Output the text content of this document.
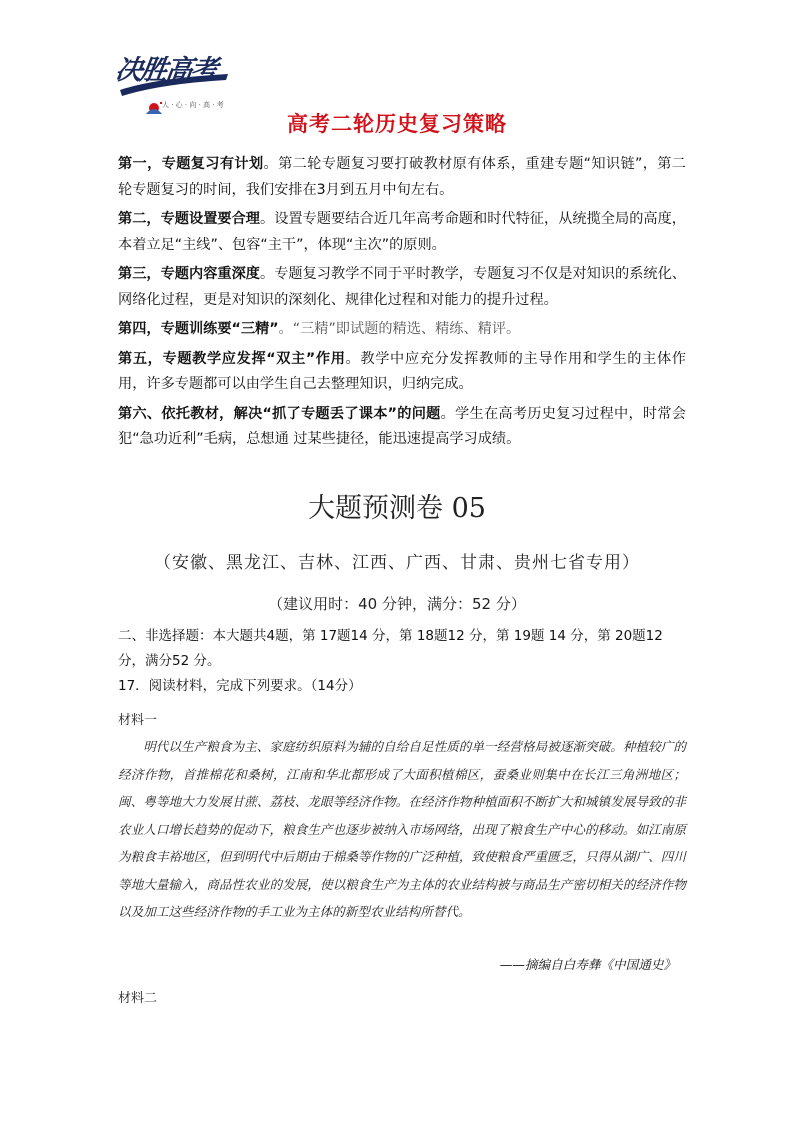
决胜高考
人 · 心 · 向 · 高 · 考
高考二轮历史复习策略

第一，专题复习有计划。第二轮专题复习要打破教材原有体系，重建专题“知识链”，第二轮专题复习的时间，我们安排在3月到五月中旬左右。

第二，专题设置要合理。设置专题要结合近几年高考命题和时代特征，从统揽全局的高度，本着立足“主线”、包容“主干”，体现“主次”的原则。

第三，专题内容重深度。专题复习教学不同于平时教学，专题复习不仅是对知识的系统化、网络化过程，更是对知识的深刻化、规律化过程和对能力的提升过程。

第四，专题训练要“三精”。“三精”即试题的精选、精练、精评。

第五，专题教学应发挥“双主”作用。教学中应充分发挥教师的主导作用和学生的主体作用，许多专题都可以由学生自己去整理知识，归纳完成。

第六、依托教材，解决“抓了专题丢了课本”的问题。学生在高考历史复习过程中，时常会犯“急功近利”毛病，总想通 过某些捷径，能迅速提高学习成绩。

大题预测卷 05
（安徽、黑龙江、吉林、江西、广西、甘肃、贵州七省专用）
（建议用时：40 分钟，满分：52 分）

二、非选择题：本大题共4题，第 17题14 分，第 18题12 分，第 19题 14 分，第 20题12 分，满分52 分。

17．阅读材料，完成下列要求。（14分）

材料一

明代以生产粮食为主、家庭纺织原料为辅的自给自足性质的单一经营格局被逐渐突破。种植较广的经济作物，首推棉花和桑树，江南和华北都形成了大面积植棉区，蚕桑业则集中在长江三角洲地区；闽、粤等地大力发展甘蔗、荔枝、龙眼等经济作物。在经济作物种植面积不断扩大和城镇发展导致的非农业人口增长趋势的促动下，粮食生产也逐步被纳入市场网络，出现了粮食生产中心的移动。如江南原为粮食丰裕地区，但到明代中后期由于棉桑等作物的广泛种植，致使粮食严重匮乏，只得从湖广、四川等地大量输入，商品性农业的发展，使以粮食生产为主体的农业结构被与商品生产密切相关的经济作物以及加工这些经济作物的手工业为主体的新型农业结构所替代。

——摘编自白寿彝《中国通史》
材料二
